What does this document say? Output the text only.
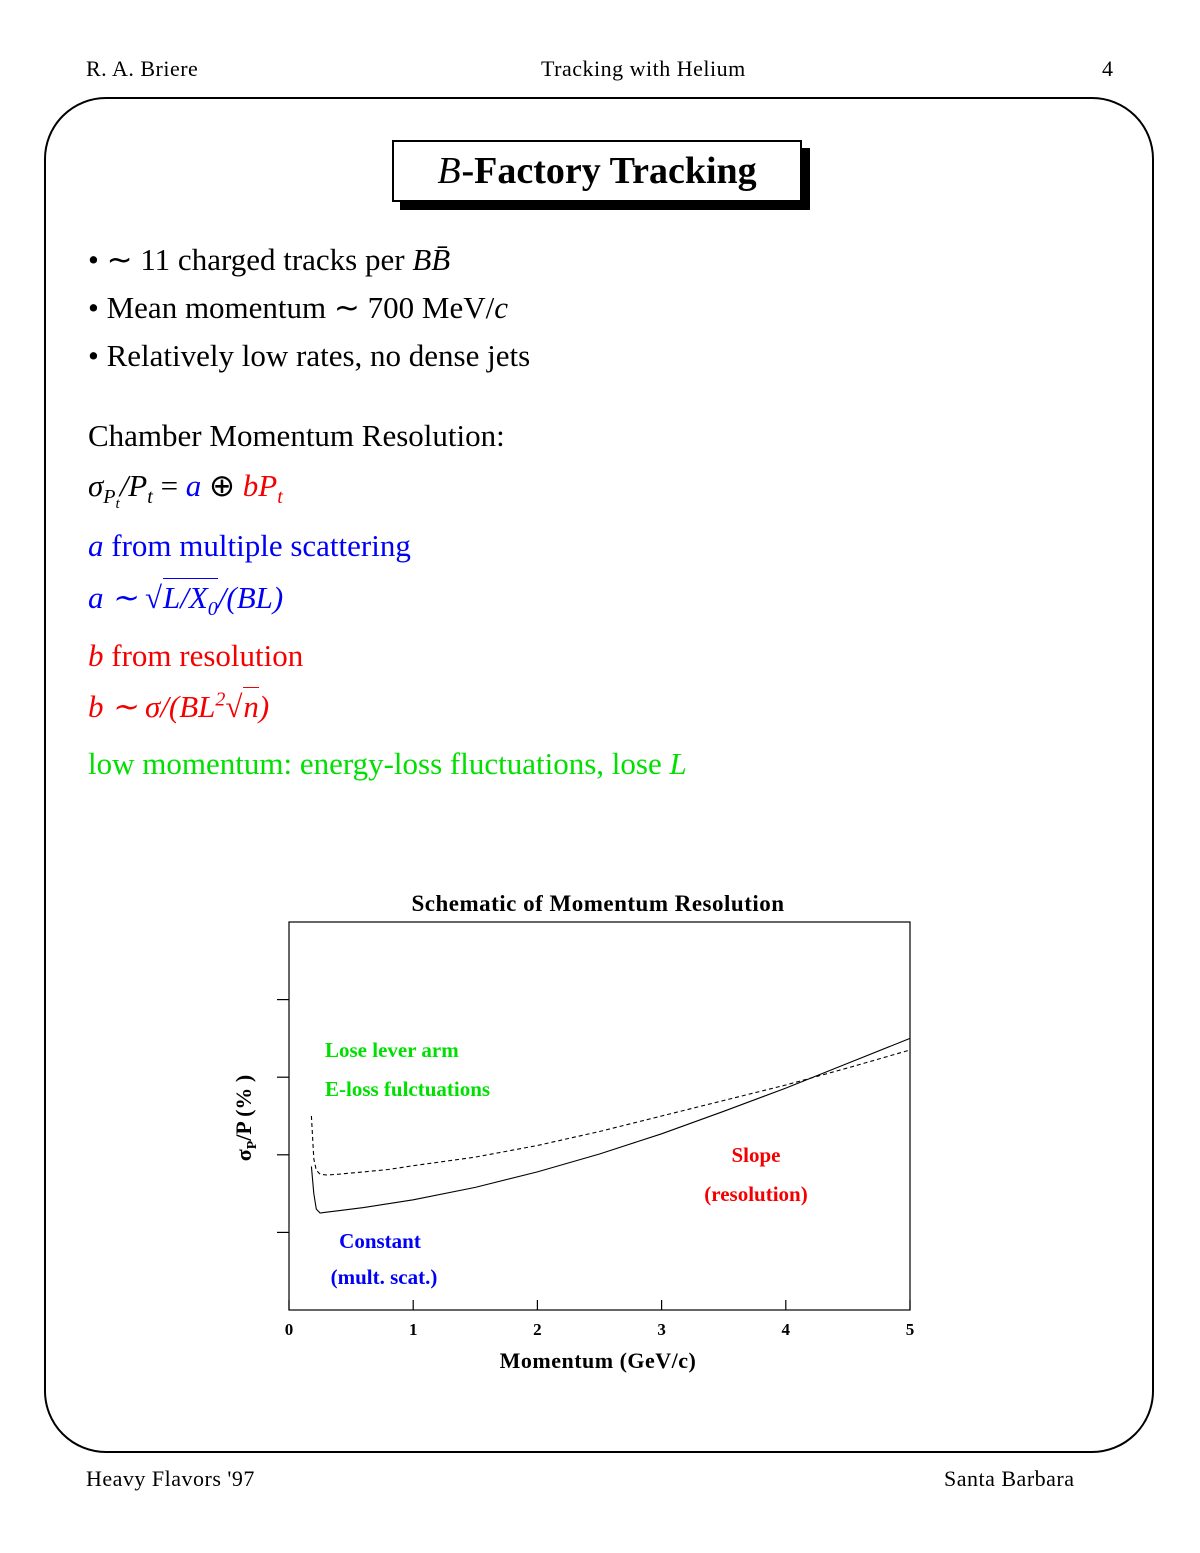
R. A. Briere	Tracking with Helium	4
B -Factory Tracking
• ∼ 11 charged tracks per BB̄
• Mean momentum ∼ 700 MeV/c
• Relatively low rates, no dense jets
Chamber Momentum Resolution:
$\sigma_{P_t}/P_t = a$ ⊕ $bP_t$
a from multiple scattering
a ∼ $√L/X_0/(BL)$
b from resolution
b ∼ $\sigma/(BL^2√n)$
low momentum: energy-loss fluctuations, lose L
Schematic of Momentum Resolution
0	1	2	3	4	5
Momentum (GeV/c)
$\sigma_P/P$ (% )
Lose lever arm
E-loss fulctuations
Slope
(resolution)
Constant
(mult. scat.)
Heavy Flavors '97	Santa Barbara
